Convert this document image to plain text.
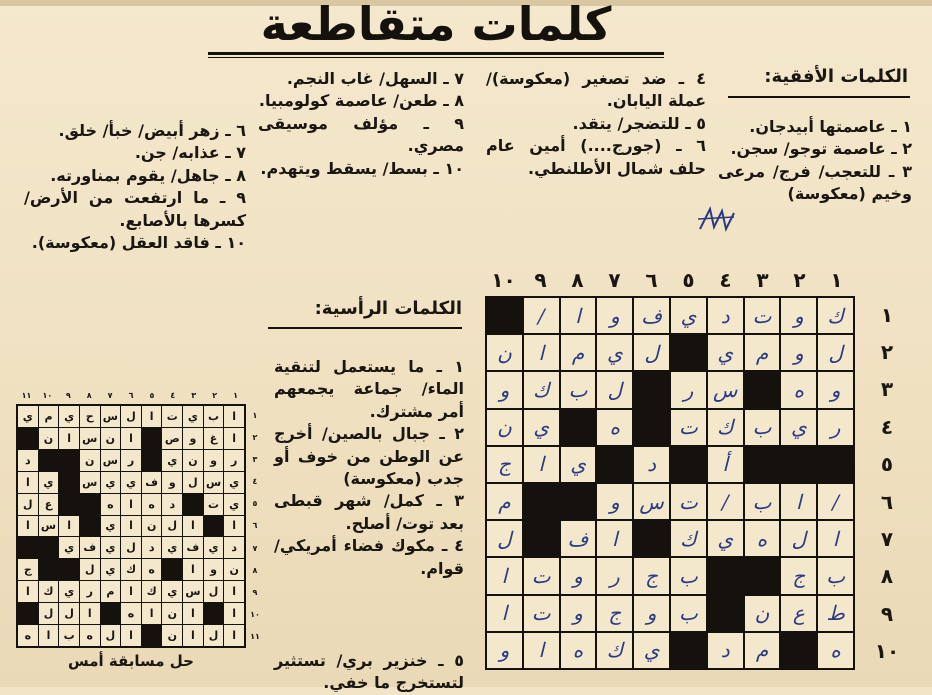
كلمات متقاطعة
الكلمات الأفقية:

١ ـ عاصمتها أبيدجان.

٢ ـ عاصمة توجو/ سجن.

٣ ـ للتعجب/ فرج/ مرعى وخيم (معكوسة)

٤ ـ ضد تصغير (معكوسة)/ عملة اليابان.

٥ ـ للتضجر/ يتقد.

٦ ـ (جورج....) أمين عام حلف شمال الأطلنطي.

٧ ـ السهل/ غاب النجم.

٨ ـ طعن/ عاصمة كولومبيا.

٩ ـ مؤلف موسيقى مصري.

١٠ ـ بسط/ يسقط ويتهدم.

الكلمات الرأسية:

١ ـ ما يستعمل لتنقية الماء/ جماعة يجمعهم أمر مشترك.

٢ ـ جبال بالصين/ أخرج عن الوطن من خوف أو جدب (معكوسة)

٣ ـ كمل/ شهر قبطى بعد توت/ أصلح.

٤ ـ مكوك فضاء أمريكي/ قوام.

٥ ـ خنزير بري/ تستثير لتستخرج ما خفي.

٦ ـ زهر أبيض/ خبأ/ خلق.

٧ ـ عذابه/ جن.

٨ ـ جاهل/ يقوم بمناورته.

٩ ـ ما ارتفعت من الأرض/ كسرها بالأصابع.

١٠ ـ فاقد العقل (معكوسة).

١
٢
٣
٤
٥
٦
٧
٨
٩
١٠
١
٢
٣
٤
٥
٦
٧
٨
٩
١٠
ك
و
ت
د
ي
ف
و
ا
/
ل
و
م
ي
ل
ي
م
ا
ن
و
ه
س
ر
ل
ب
ك
و
ر
ي
ب
ك
ت
ه
ي
ن
أ
د
ي
ا
ج
/
ا
ب
/
ت
س
و
م
ا
ل
ه
ي
ك
ا
ف
ل
ب
ج
ب
ج
ر
و
ت
ا
ط
ع
ن
ب
و
ج
و
ت
ا
ه
م
د
ي
ك
ه
ا
و
١
٢
٣
٤
٥
٦
٧
٨
٩
١٠
١١
١
٢
٣
٤
٥
٦
٧
٨
٩
١٠
١١
ا
ب
ي
ت
ا
ل
س
ح
ي
م
ي
ا
غ
و
ص
ا
ن
س
ا
ن
ر
و
ن
ي
ر
س
ن
د
ي
س
ل
و
ف
ي
ي
س
ي
ا
ي
ت
د
ه
ا
ه
ع
ل
ا
ا
ل
ن
ا
ي
ا
س
ا
د
ي
ف
ي
د
ل
ي
ف
ي
ن
و
ا
ه
ك
ي
ل
ج
ا
ل
س
ي
ك
ا
م
ر
ي
ك
ا
ا
ا
ن
ا
ه
ا
ل
ل
ا
ل
ا
ن
ا
ل
ه
ب
ا
ه
حل مسابقة أمس
